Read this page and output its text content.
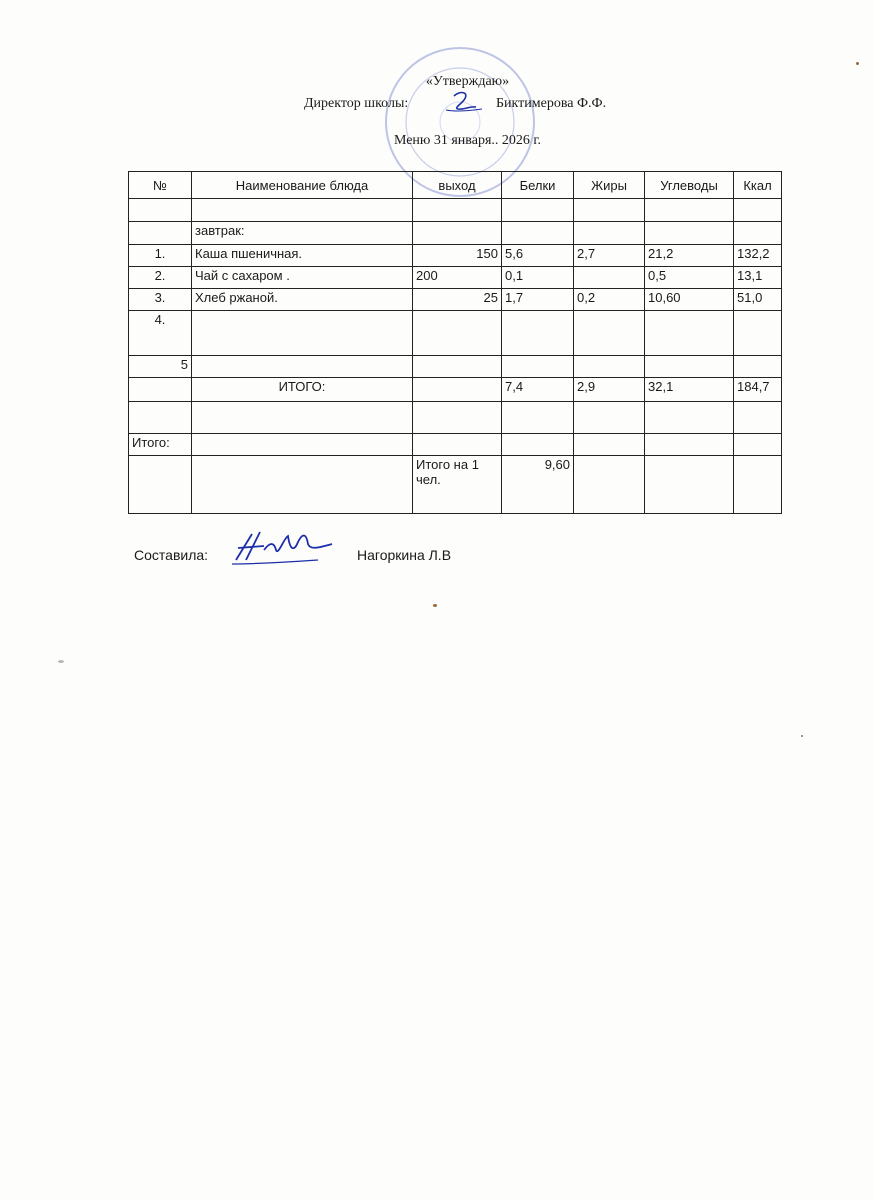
«Утверждаю»
Директор школы:	Биктимерова Ф.Ф.
Меню 31 января.. 2026 г.
№	Наименование блюда	выход	Белки	Жиры	Углеводы	Ккал

	завтрак:					
1.	Каша пшеничная.	150	5,6	2,7	21,2	132,2
2.	Чай с сахаром .	200	0,1		0,5	13,1
3.	Хлеб ржаной.	25	1,7	0,2	10,60	51,0
4.						
5						
	ИТОГО:		7,4	2,9	32,1	184,7

Итого:						
		Итого на 1 чел.	9,60			
Составила:	Нагоркина Л.В
